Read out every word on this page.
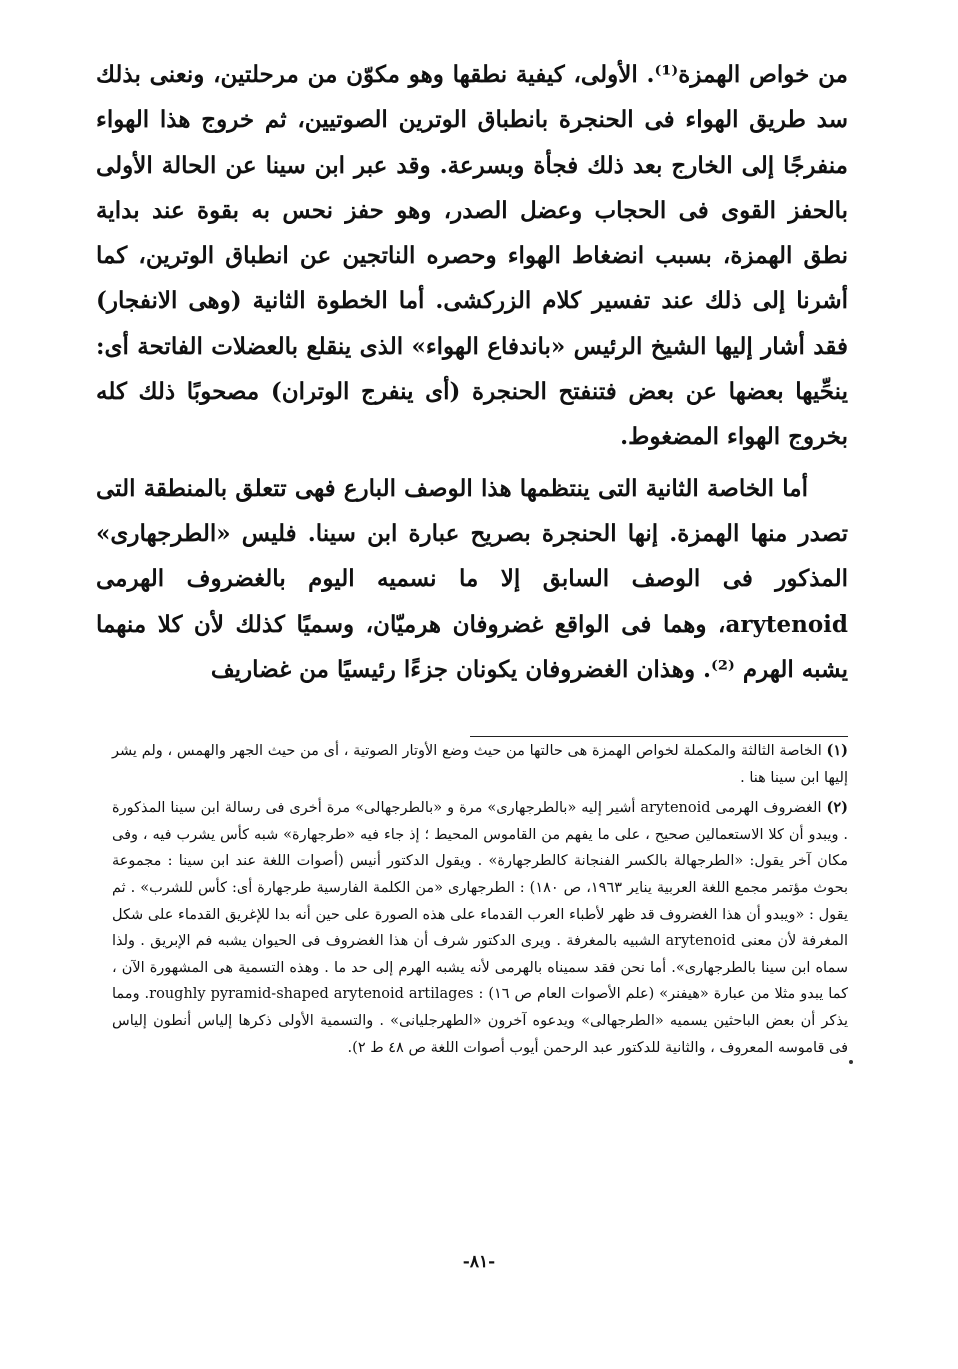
من خواص الهمزة⁽¹⁾. الأولى، كيفية نطقها وهو مكوّن من مرحلتين، ونعنى بذلك سد طريق الهواء فى الحنجرة بانطباق الوترين الصوتيين، ثم خروج هذا الهواء منفرجًا إلى الخارج بعد ذلك فجأة وبسرعة. وقد عبر ابن سينا عن الحالة الأولى بالحفز القوى فى الحجاب وعضل الصدر، وهو حفز نحس به بقوة عند بداية نطق الهمزة، بسبب انضغاط الهواء وحصره الناتجين عن انطباق الوترين، كما أشرنا إلى ذلك عند تفسير كلام الزركشى. أما الخطوة الثانية (وهى الانفجار) فقد أشار إليها الشيخ الرئيس «باندفاع الهواء» الذى ينقلع بالعضلات الفاتحة أى: ينحِّيها بعضها عن بعض فتنفتح الحنجرة (أى ينفرج الوتران) مصحوبًا ذلك كله بخروج الهواء المضغوط.

أما الخاصة الثانية التى ينتظمها هذا الوصف البارع فهى تتعلق بالمنطقة التى تصدر منها الهمزة. إنها الحنجرة بصريح عبارة ابن سينا. فليس «الطرجهارى» المذكور فى الوصف السابق إلا ما نسميه اليوم بالغضروف الهرمى arytenoid، وهما فى الواقع غضروفان هرميّان، وسميًا كذلك لأن كلا منهما يشبه الهرم ⁽²⁾. وهذان الغضروفان يكونان جزءًا رئيسيًا من غضاريف

(١) الخاصة الثالثة والمكملة لخواص الهمزة هى حالتها من حيث وضع الأوتار الصوتية ، أى من حيث الجهر والهمس ، ولم يشر إليها ابن سينا هنا .

(٢) الغضروف الهرمى arytenoid أشير إليه «بالطرجهارى» مرة و «بالطرجهالى» مرة أخرى فى رسالة ابن سينا المذكورة . ويبدو أن كلا الاستعمالين صحيح ، على ما يفهم من القاموس المحيط ؛ إذ جاء فيه «طرجهارة» شبه كأس يشرب فيه ، وفى مكان آخر يقول: «الطرجهالة بالكسر الفنجانة كالطرجهارة» . ويقول الدكتور أنيس (أصوات اللغة عند ابن سينا : مجموعة بحوث مؤتمر مجمع اللغة العربية يناير ١٩٦٣، ص ١٨٠) : الطرجهارى «من الكلمة الفارسية طرجهارة أى: كأس للشرب» . ثم يقول : «ويبدو أن هذا الغضروف قد ظهر لأطباء العرب القدماء على هذه الصورة على حين أنه بدا للإغريق القدماء على شكل المغرفة لأن معنى arytenoid الشبيه بالمغرفة . ويرى الدكتور شرف أن هذا الغضروف فى الحيوان يشبه فم الإبريق . ولذا سماه ابن سينا بالطرجهارى». أما نحن فقد سميناه بالهرمى لأنه يشبه الهرم إلى حد ما . وهذه التسمية هى المشهورة الآن ، كما يبدو مثلا من عبارة «هيفنر» (علم الأصوات العام ص ١٦) : roughly pyramid-shaped arytenoid artilages. ومما يذكر أن بعض الباحثين يسميه «الطرجهالى» ويدعوه آخرون «الطهرجليانى» . والتسمية الأولى ذكرها إلياس أنطون إلياس فى قاموسه المعروف ، والثانية للدكتور عبد الرحمن أيوب أصوات اللغة ص ٤٨ ط ٢).

-٨١-
